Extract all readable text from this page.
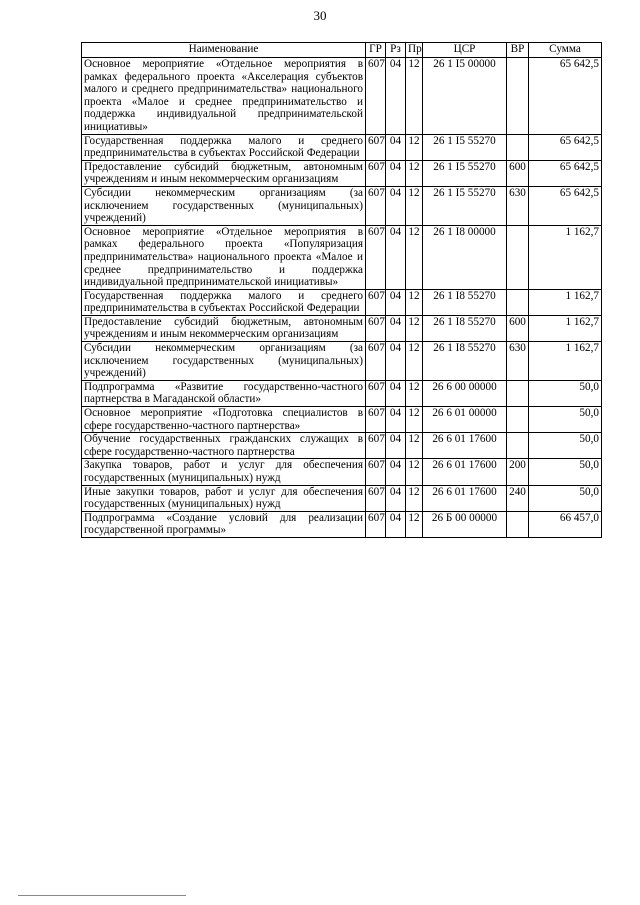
30
Наименование	ГР	Рз	Пр	ЦСР	ВР	Сумма

Основное мероприятие «Отдельное мероприятия в рамках федерального проекта «Акселерация субъектов малого и среднего предпринимательства» национального проекта «Малое и среднее предпринимательство и поддержка индивидуальной предпринимательской инициативы»	607	04	12	26 1 I5 00000		65 642,5

Государственная поддержка малого и среднего предпринимательства в субъектах Российской Федерации	607	04	12	26 1 I5 55270		65 642,5

Предоставление субсидий бюджетным, автономным учреждениям и иным некоммерческим организациям	607	04	12	26 1 I5 55270	600	65 642,5

Субсидии некоммерческим организациям (за исключением государственных (муниципальных) учреждений)	607	04	12	26 1 I5 55270	630	65 642,5

Основное мероприятие «Отдельное мероприятия в рамках федерального проекта «Популяризация предпринимательства» национального проекта «Малое и среднее предпринимательство и поддержка индивидуальной предпринимательской инициативы»	607	04	12	26 1 I8 00000		1 162,7

Государственная поддержка малого и среднего предпринимательства в субъектах Российской Федерации	607	04	12	26 1 I8 55270		1 162,7

Предоставление субсидий бюджетным, автономным учреждениям и иным некоммерческим организациям	607	04	12	26 1 I8 55270	600	1 162,7

Субсидии некоммерческим организациям (за исключением государственных (муниципальных) учреждений)	607	04	12	26 1 I8 55270	630	1 162,7

Подпрограмма «Развитие государственно-частного партнерства в Магаданской области»	607	04	12	26 6 00 00000		50,0

Основное мероприятие «Подготовка специалистов в сфере государственно-частного партнерства»	607	04	12	26 6 01 00000		50,0

Обучение государственных гражданских служащих в сфере государственно-частного партнерства	607	04	12	26 6 01 17600		50,0

Закупка товаров, работ и услуг для обеспечения государственных (муниципальных) нужд	607	04	12	26 6 01 17600	200	50,0

Иные закупки товаров, работ и услуг для обеспечения государственных (муниципальных) нужд	607	04	12	26 6 01 17600	240	50,0

Подпрограмма «Создание условий для реализации государственной программы»	607	04	12	26 Б 00 00000		66 457,0
